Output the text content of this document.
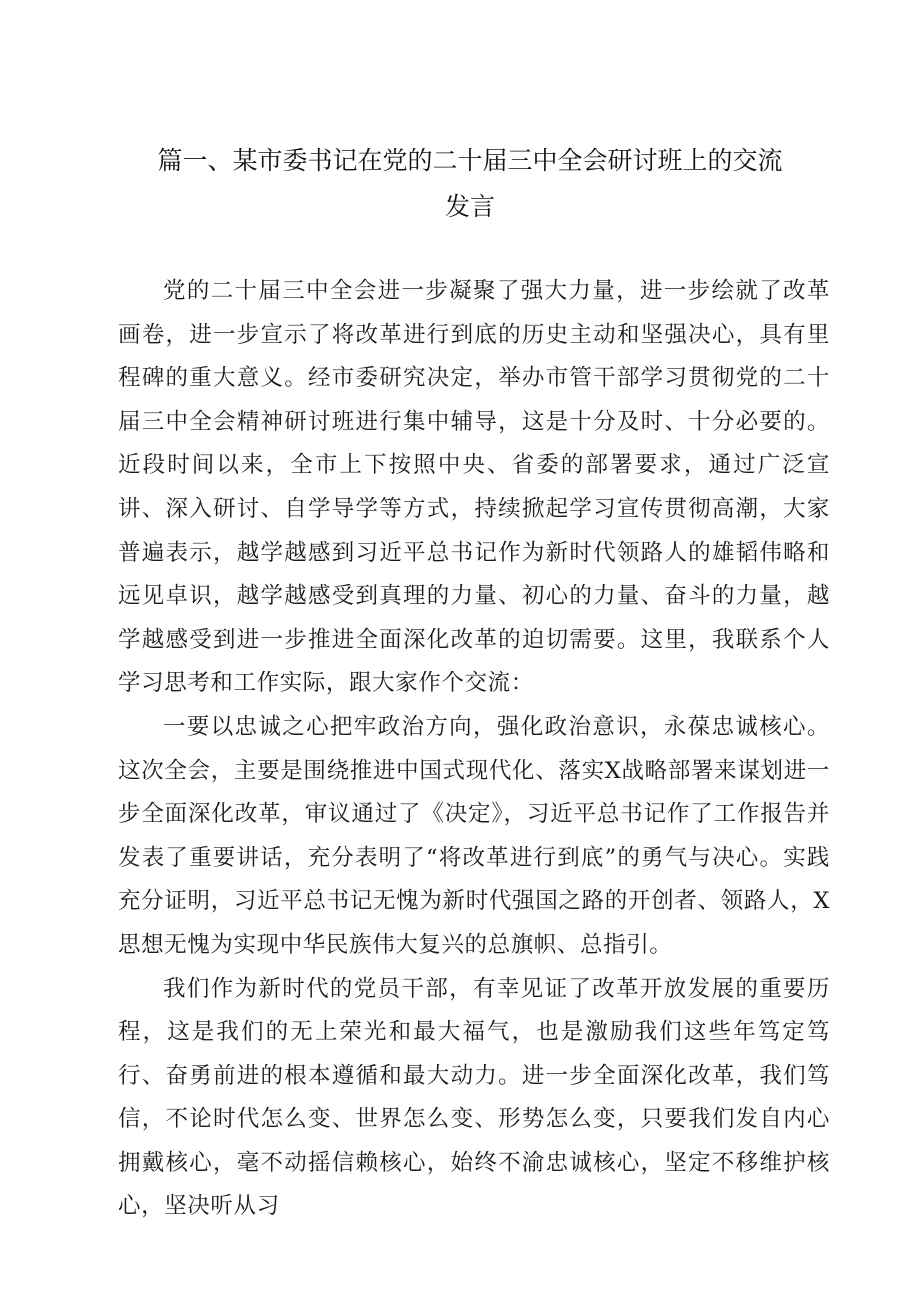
篇一、某市委书记在党的二十届三中全会研讨班上的交流
发言

党的二十届三中全会进一步凝聚了强大力量，进一步绘就了改革画卷，进一步宣示了将改革进行到底的历史主动和坚强决心，具有里程碑的重大意义。经市委研究决定，举办市管干部学习贯彻党的二十届三中全会精神研讨班进行集中辅导，这是十分及时、十分必要的。近段时间以来，全市上下按照中央、省委的部署要求，通过广泛宣讲、深入研讨、自学导学等方式，持续掀起学习宣传贯彻高潮，大家普遍表示，越学越感到习近平总书记作为新时代领路人的雄韬伟略和远见卓识，越学越感受到真理的力量、初心的力量、奋斗的力量，越学越感受到进一步推进全面深化改革的迫切需要。这里，我联系个人学习思考和工作实际，跟大家作个交流：

一要以忠诚之心把牢政治方向，强化政治意识，永葆忠诚核心。这次全会，主要是围绕推进中国式现代化、落实X战略部署来谋划进一步全面深化改革，审议通过了《决定》，习近平总书记作了工作报告并发表了重要讲话，充分表明了“将改革进行到底”的勇气与决心。实践充分证明，习近平总书记无愧为新时代强国之路的开创者、领路人，X思想无愧为实现中华民族伟大复兴的总旗帜、总指引。

我们作为新时代的党员干部，有幸见证了改革开放发展的重要历程，这是我们的无上荣光和最大福气，也是激励我们这些年笃定笃行、奋勇前进的根本遵循和最大动力。进一步全面深化改革，我们笃信，不论时代怎么变、世界怎么变、形势怎么变，只要我们发自内心拥戴核心，毫不动摇信赖核心，始终不渝忠诚核心，坚定不移维护核心，坚决听从习
